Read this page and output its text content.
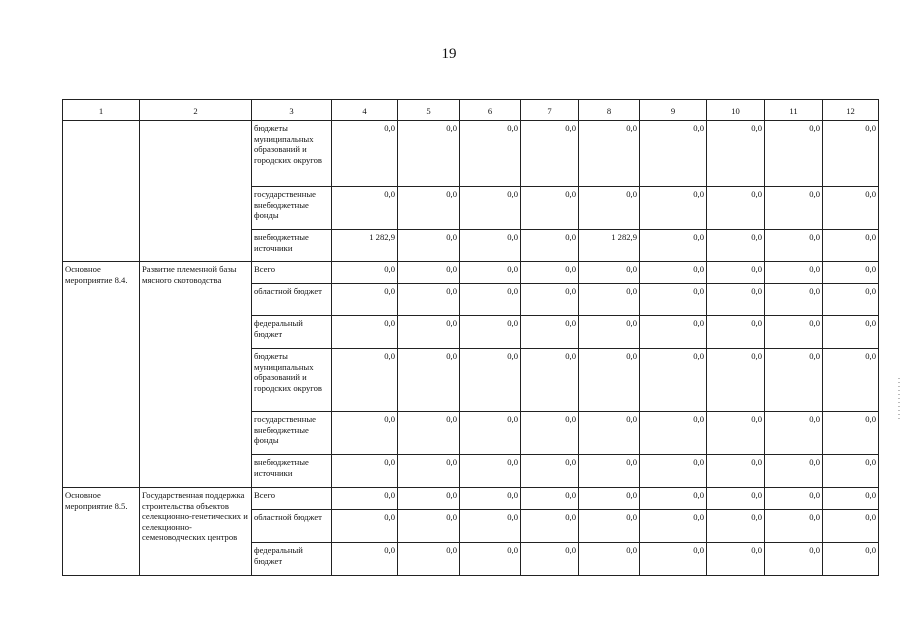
19
1	2	3	4	5	6	7	8	9	10	11	12
		бюджеты муниципальных образований и городских округов	0,0	0,0	0,0	0,0	0,0	0,0	0,0	0,0	0,0
		государственные внебюджетные фонды	0,0	0,0	0,0	0,0	0,0	0,0	0,0	0,0	0,0
		внебюджетные источники	1 282,9	0,0	0,0	0,0	1 282,9	0,0	0,0	0,0	0,0
Основное мероприятие 8.4.	Развитие племенной базы мясного скотоводства	Всего	0,0	0,0	0,0	0,0	0,0	0,0	0,0	0,0	0,0
		областной бюджет	0,0	0,0	0,0	0,0	0,0	0,0	0,0	0,0	0,0
		федеральный бюджет	0,0	0,0	0,0	0,0	0,0	0,0	0,0	0,0	0,0
		бюджеты муниципальных образований и городских округов	0,0	0,0	0,0	0,0	0,0	0,0	0,0	0,0	0,0
		государственные внебюджетные фонды	0,0	0,0	0,0	0,0	0,0	0,0	0,0	0,0	0,0
		внебюджетные источники	0,0	0,0	0,0	0,0	0,0	0,0	0,0	0,0	0,0
Основное мероприятие 8.5.	Государственная поддержка строительства объектов селекционно-генетических и селекционно-семеноводческих центров	Всего	0,0	0,0	0,0	0,0	0,0	0,0	0,0	0,0	0,0
		областной бюджет	0,0	0,0	0,0	0,0	0,0	0,0	0,0	0,0	0,0
		федеральный бюджет	0,0	0,0	0,0	0,0	0,0	0,0	0,0	0,0	0,0
